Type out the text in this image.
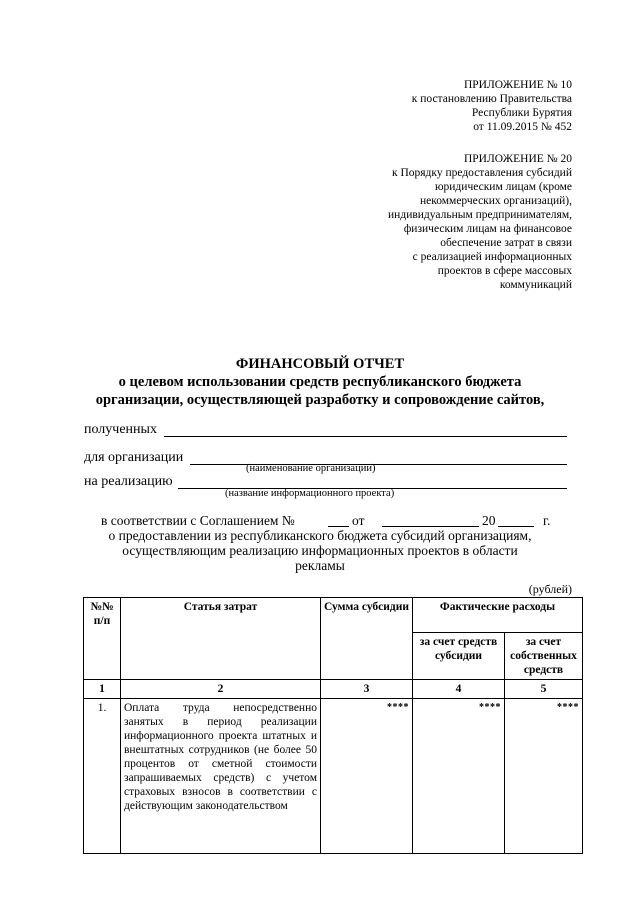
ПРИЛОЖЕНИЕ № 10
к постановлению Правительства
Республики Бурятия
от 11.09.2015 № 452
ПРИЛОЖЕНИЕ № 20
к Порядку предоставления субсидий
юридическим лицам (кроме
некоммерческих организаций),
индивидуальным предпринимателям,
физическим лицам на финансовое
обеспечение затрат в связи
с реализацией информационных
проектов в сфере массовых
коммуникаций
ФИНАНСОВЫЙ ОТЧЕТ
о целевом использовании средств республиканского бюджета
организации, осуществляющей разработку и сопровождение сайтов,
полученных
для организации
(наименование организации)
на реализацию
(название информационного проекта)
в соответствии с Соглашением №	от	20	г.
о предоставлении из республиканского бюджета субсидий организациям,
осуществляющим реализацию информационных проектов в области
рекламы
(рублей)
№№ п/п	Статья затрат	Сумма субсидии	Фактические расходы	
			за счет средств субсидии	за счет собственных средств
1	2	3	4	5
1.	Оплата труда непосредственно занятых в период реализации информационного проекта штатных и внештатных сотрудников (не более 50 процентов от сметной стоимости запрашиваемых средств) с учетом страховых взносов в соответствии с действующим законодательством	****	****	****
